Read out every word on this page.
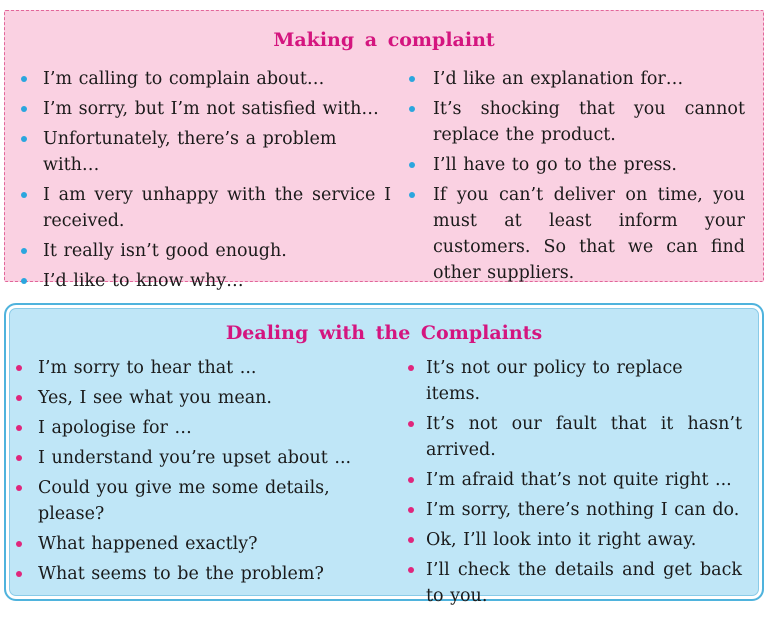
Making a complaint
I’m calling to complain about…
I’m sorry, but I’m not satisfied with…
Unfortunately, there’s a problem with…
I am very unhappy with the service I received.
It really isn’t good enough.
I’d like to know why…
I’d like an explanation for…
It’s shocking that you cannot replace the product.
I’ll have to go to the press.
If you can’t deliver on time, you must at least inform your customers. So that we can find other suppliers.
Dealing with the Complaints
I’m sorry to hear that ...
Yes, I see what you mean.
I apologise for …
I understand you’re upset about ...
Could you give me some details, please?
What happened exactly?
What seems to be the problem?
It’s not our policy to replace items.
It’s not our fault that it hasn’t arrived.
I’m afraid that’s not quite right ...
I’m sorry, there’s nothing I can do.
Ok, I’ll look into it right away.
I’ll check the details and get back to you.
